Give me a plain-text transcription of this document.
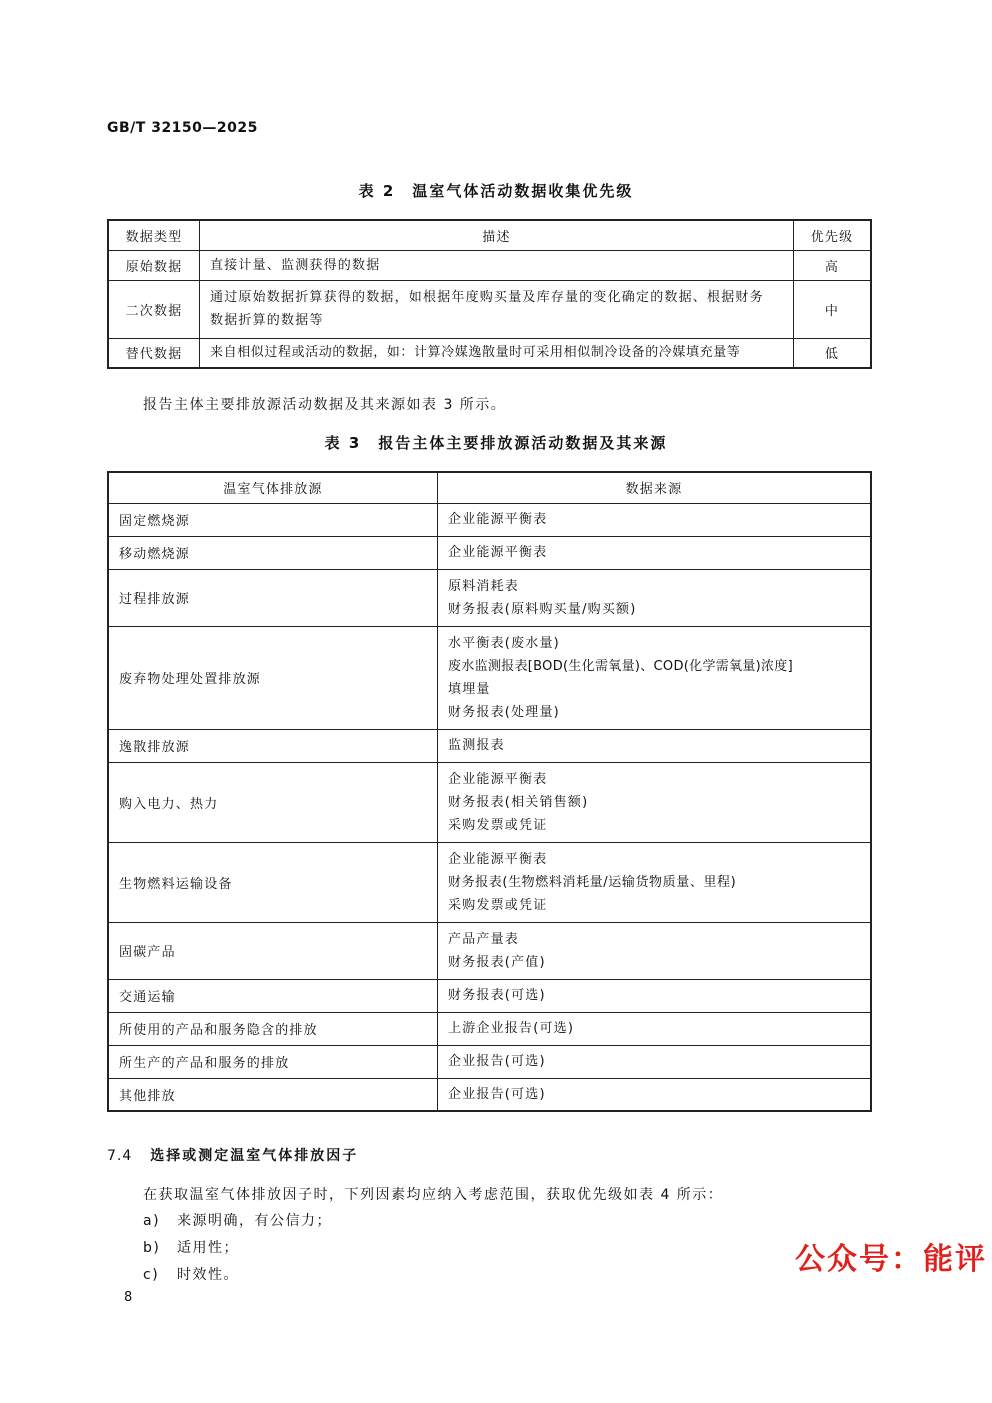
GB/T 32150—2025
表 2　温室气体活动数据收集优先级
数据类型	描述	优先级
原始数据	直接计量、监测获得的数据	高
二次数据	通过原始数据折算获得的数据，如根据年度购买量及库存量的变化确定的数据、根据财务
数据折算的数据等	中
替代数据	来自相似过程或活动的数据，如：计算冷媒逸散量时可采用相似制冷设备的冷媒填充量等	低
报告主体主要排放源活动数据及其来源如表 3 所示。
表 3　报告主体主要排放源活动数据及其来源
温室气体排放源	数据来源
固定燃烧源	企业能源平衡表

移动燃烧源	企业能源平衡表

过程排放源	原料消耗表
财务报表(原料购买量/购买额)

废弃物处理处置排放源	水平衡表(废水量)
废水监测报表[BOD(生化需氧量)、COD(化学需氧量)浓度]
填埋量
财务报表(处理量)

逸散排放源	监测报表

购入电力、热力	企业能源平衡表
财务报表(相关销售额)
采购发票或凭证

生物燃料运输设备	企业能源平衡表
财务报表(生物燃料消耗量/运输货物质量、里程)
采购发票或凭证

固碳产品	产品产量表
财务报表(产值)

交通运输	财务报表(可选)

所使用的产品和服务隐含的排放	上游企业报告(可选)

所生产的产品和服务的排放	企业报告(可选)

其他排放	企业报告(可选)
7.4 选择或测定温室气体排放因子
在获取温室气体排放因子时，下列因素均应纳入考虑范围，获取优先级如表 4 所示：
a) 来源明确，有公信力；
b) 适用性；
c) 时效性。	公众号：能评
8
